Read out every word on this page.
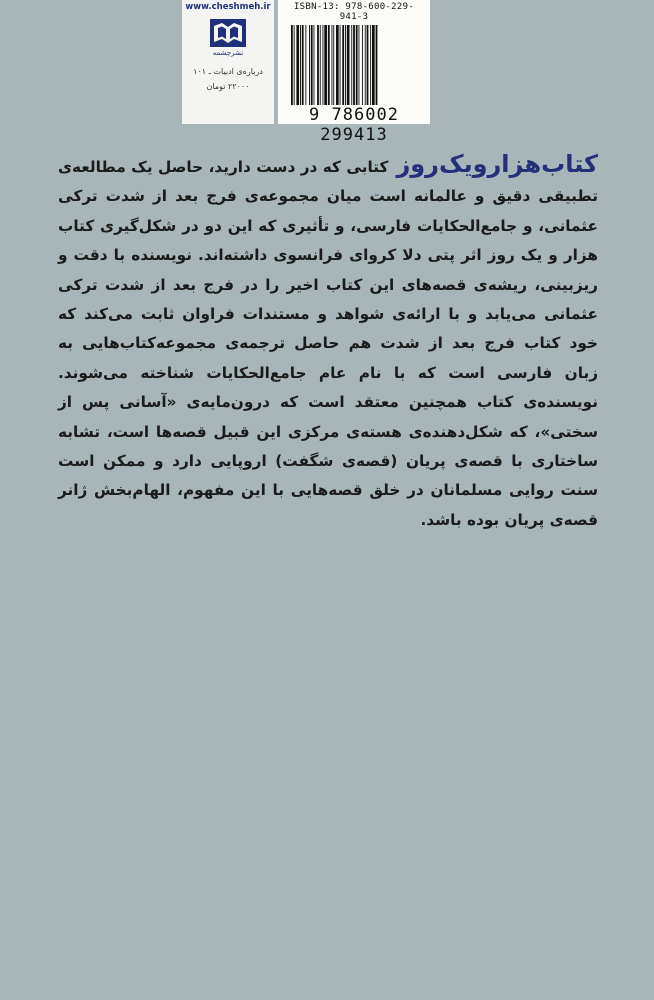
www.cheshmeh.ir
نشرچشمه
درباره‌ی ادبیات ـ ۱۰۱
۲۲۰۰۰ تومان
ISBN-13: 978-600-229-941-3
9 786002 299413
کتاب‌هزارویک‌روزکتابی که در دست دارید، حاصل یک مطالعه‌ی تطبیقی دقیق و عالمانه است میان مجموعه‌ی فرج بعد از شدت ترکی عثمانی، و جامع‌الحکایات فارسی، و تأثیری که این دو در شکل‌گیری کتاب هزار و یک روز اثر پتی دلا کروای فرانسوی داشته‌اند. نویسنده با دقت و ریزبینی، ریشه‌ی قصه‌های این کتاب اخیر را در فرج بعد از شدت ترکی عثمانی می‌یابد و با ارائه‌ی شواهد و مستندات فراوان ثابت می‌کند که خود کتاب فرج بعد از شدت هم حاصل ترجمه‌ی مجموعه‌کتاب‌هایی به زبان فارسی است که با نام عام جامع‌الحکایات شناخته می‌شوند. نویسنده‌ی کتاب همچنین معتقد است که درون‌مایه‌ی «آسانی پس از سختی»، که شکل‌دهنده‌ی هسته‌ی مرکزی این قبیل قصه‌ها است، تشابه ساختاری با قصه‌ی پریان (قصه‌ی شگفت) اروپایی دارد و ممکن است سنت روایی مسلمانان در خلق قصه‌هایی با این مفهوم، الهام‌بخش ژانر قصه‌ی پریان بوده باشد.
